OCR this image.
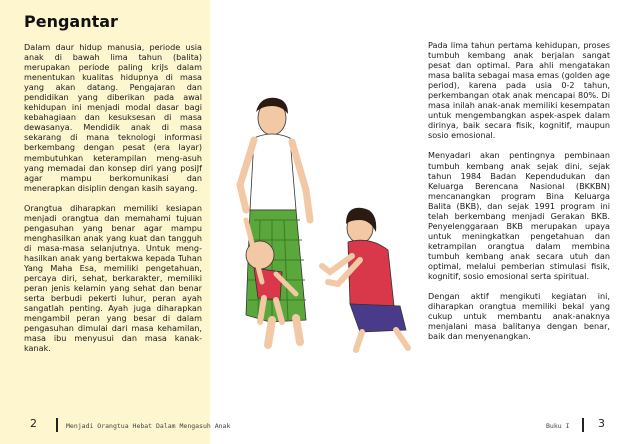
Pengantar

Dalam daur hidup manusia, periode usia anak di bawah lima tahun (balita) merupakan periode paling kriJs dalam menentukan kualitas hidupnya di masa yang akan datang. Pengajaran dan pendidikan yang diberikan pada awal kehidupan ini menjadi modal dasar bagi kebahagiaan dan kesuksesan di masa dewasanya. Mendidik anak di masa sekarang di mana teknologi informasi berkembang dengan pesat (era layar) membutuhkan keterampilan meng-asuh yang memadai dan konsep diri yang posiJf agar mampu berkomunikasi dan menerapkan disiplin dengan kasih sayang.

Orangtua diharapkan memiliki kesiapan menjadi orangtua dan memahami tujuan pengasuhan yang benar agar mampu menghasilkan anak yang kuat dan tangguh di masa-masa selanjutnya. Untuk meng-hasilkan anak yang bertakwa kepada Tuhan Yang Maha Esa, memiliki pengetahuan, percaya diri, sehat, berkarakter, memiliki peran jenis kelamin yang sehat dan benar serta berbudi pekerti luhur, peran ayah sangatlah penting. Ayah juga diharapkan mengambil peran yang besar di dalam pengasuhan dimulai dari masa kehamilan, masa ibu menyusui dan masa kanak-kanak.

Pada lima tahun pertama kehidupan, proses tumbuh kembang anak berjalan sangat pesat dan optimal. Para ahli mengatakan masa balita sebagai masa emas (golden age period), karena pada usia 0-2 tahun, perkembangan otak anak mencapai 80%. Di masa inilah anak-anak memiliki kesempatan untuk mengembangkan aspek-aspek dalam dirinya, baik secara fisik, kognitif, maupun sosio emosional.

Menyadari akan pentingnya pembinaan tumbuh kembang anak sejak dini, sejak tahun 1984 Badan Kependudukan dan Keluarga Berencana Nasional (BKKBN) mencanangkan program Bina Keluarga Balita (BKB), dan sejak 1991 program ini telah berkembang menjadi Gerakan BKB. Penyelenggaraan BKB merupakan upaya untuk meningkatkan pengetahuan dan ketrampilan orangtua dalam membina tumbuh kembang anak secara utuh dan optimal, melalui pemberian stimulasi fisik, kognitif, sosio emosional serta spiritual.

Dengan aktif mengikuti kegiatan ini, diharapkan orangtua memiliki bekal yang cukup untuk membantu anak-anaknya menjalani masa balitanya dengan benar, baik dan menyenangkan.

2	Menjadi Orangtua Hebat Dalam Mengasuh Anak	Buku I	3
